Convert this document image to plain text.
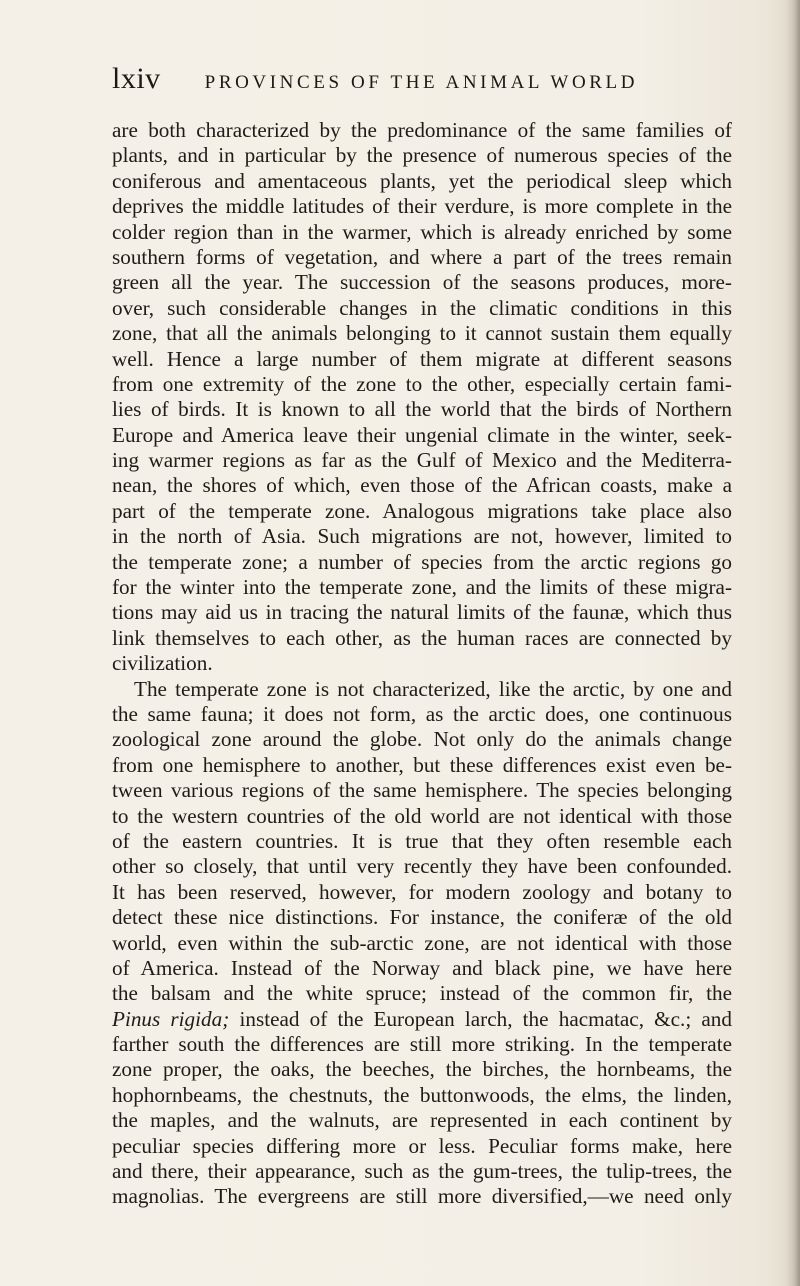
lxiv PROVINCES OF THE ANIMAL WORLD
are both characterized by the predominance of the same families of
plants, and in particular by the presence of numerous species of the
coniferous and amentaceous plants, yet the periodical sleep which
deprives the middle latitudes of their verdure, is more complete in the
colder region than in the warmer, which is already enriched by some
southern forms of vegetation, and where a part of the trees remain
green all the year. The succession of the seasons produces, more-
over, such considerable changes in the climatic conditions in this
zone, that all the animals belonging to it cannot sustain them equally
well. Hence a large number of them migrate at different seasons
from one extremity of the zone to the other, especially certain fami-
lies of birds. It is known to all the world that the birds of Northern
Europe and America leave their ungenial climate in the winter, seek-
ing warmer regions as far as the Gulf of Mexico and the Mediterra-
nean, the shores of which, even those of the African coasts, make a
part of the temperate zone. Analogous migrations take place also
in the north of Asia. Such migrations are not, however, limited to
the temperate zone; a number of species from the arctic regions go
for the winter into the temperate zone, and the limits of these migra-
tions may aid us in tracing the natural limits of the faunæ, which thus
link themselves to each other, as the human races are connected by
civilization.
The temperate zone is not characterized, like the arctic, by one and
the same fauna; it does not form, as the arctic does, one continuous
zoological zone around the globe. Not only do the animals change
from one hemisphere to another, but these differences exist even be-
tween various regions of the same hemisphere. The species belonging
to the western countries of the old world are not identical with those
of the eastern countries. It is true that they often resemble each
other so closely, that until very recently they have been confounded.
It has been reserved, however, for modern zoology and botany to
detect these nice distinctions. For instance, the coniferæ of the old
world, even within the sub-arctic zone, are not identical with those
of America. Instead of the Norway and black pine, we have here
the balsam and the white spruce; instead of the common fir, the
Pinus rigida; instead of the European larch, the hacmatac, &c.; and
farther south the differences are still more striking. In the temperate
zone proper, the oaks, the beeches, the birches, the hornbeams, the
hophornbeams, the chestnuts, the buttonwoods, the elms, the linden,
the maples, and the walnuts, are represented in each continent by
peculiar species differing more or less. Peculiar forms make, here
and there, their appearance, such as the gum-trees, the tulip-trees, the
magnolias. The evergreens are still more diversified,—we need only
